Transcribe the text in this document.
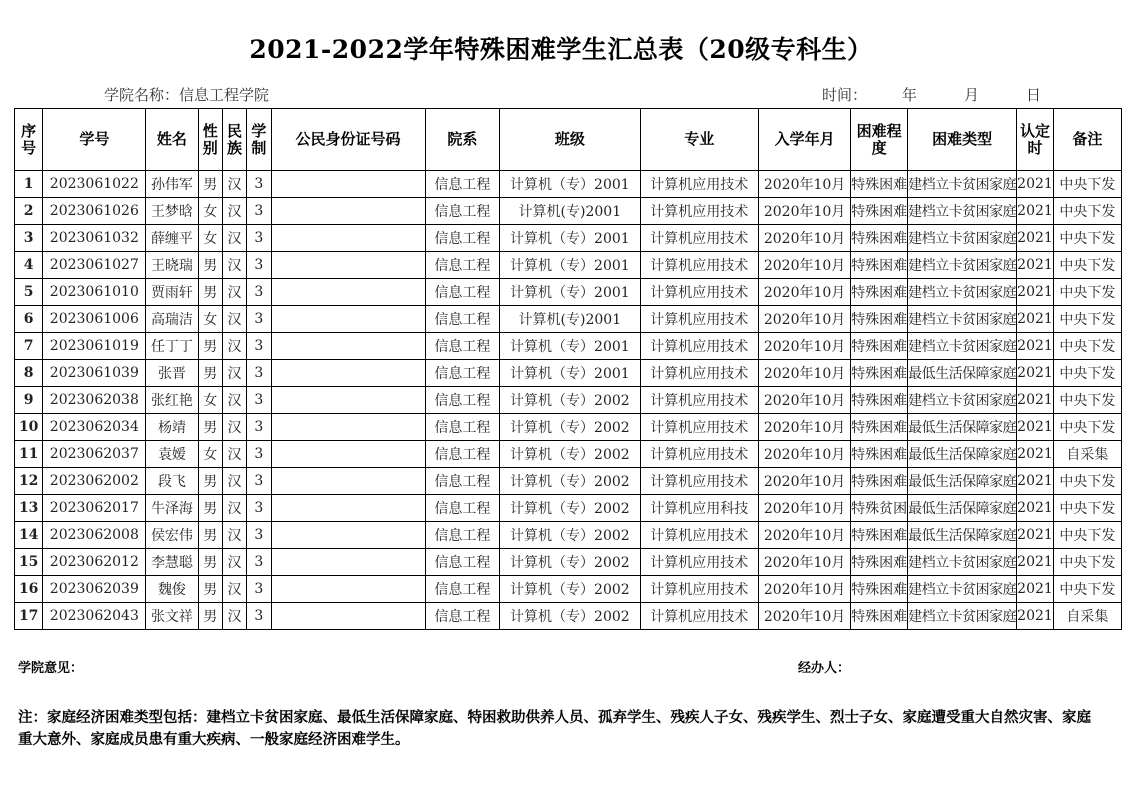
2021-2022学年特殊困难学生汇总表（20级专科生）
学院名称：信息工程学院	时间：	年	月	日
序号	学号	姓名	性别	民族	学制	公民身份证号码	院系	班级	专业	入学年月	困难程度	困难类型	认定时	备注
1	2023061022	孙伟军	男	汉	3		信息工程	计算机（专）2001	计算机应用技术	2020年10月	特殊困难	建档立卡贫困家庭	2021	中央下发
2	2023061026	王梦晗	女	汉	3		信息工程	计算机(专)2001	计算机应用技术	2020年10月	特殊困难	建档立卡贫困家庭	2021	中央下发
3	2023061032	薛缠平	女	汉	3		信息工程	计算机（专）2001	计算机应用技术	2020年10月	特殊困难	建档立卡贫困家庭	2021	中央下发
4	2023061027	王晓瑞	男	汉	3		信息工程	计算机（专）2001	计算机应用技术	2020年10月	特殊困难	建档立卡贫困家庭	2021	中央下发
5	2023061010	贾雨轩	男	汉	3		信息工程	计算机（专）2001	计算机应用技术	2020年10月	特殊困难	建档立卡贫困家庭	2021	中央下发
6	2023061006	高瑞洁	女	汉	3		信息工程	计算机(专)2001	计算机应用技术	2020年10月	特殊困难	建档立卡贫困家庭	2021	中央下发
7	2023061019	任丁丁	男	汉	3		信息工程	计算机（专）2001	计算机应用技术	2020年10月	特殊困难	建档立卡贫困家庭	2021	中央下发
8	2023061039	张晋	男	汉	3		信息工程	计算机（专）2001	计算机应用技术	2020年10月	特殊困难	最低生活保障家庭	2021	中央下发
9	2023062038	张红艳	女	汉	3		信息工程	计算机（专）2002	计算机应用技术	2020年10月	特殊困难	建档立卡贫困家庭	2021	中央下发
10	2023062034	杨靖	男	汉	3		信息工程	计算机（专）2002	计算机应用技术	2020年10月	特殊困难	最低生活保障家庭	2021	中央下发
11	2023062037	袁嫒	女	汉	3		信息工程	计算机（专）2002	计算机应用技术	2020年10月	特殊困难	最低生活保障家庭	2021	自采集
12	2023062002	段飞	男	汉	3		信息工程	计算机（专）2002	计算机应用技术	2020年10月	特殊困难	最低生活保障家庭	2021	中央下发
13	2023062017	牛泽海	男	汉	3		信息工程	计算机（专）2002	计算机应用科技	2020年10月	特殊贫困	最低生活保障家庭	2021	中央下发
14	2023062008	侯宏伟	男	汉	3		信息工程	计算机（专）2002	计算机应用技术	2020年10月	特殊困难	最低生活保障家庭	2021	中央下发
15	2023062012	李慧聪	男	汉	3		信息工程	计算机（专）2002	计算机应用技术	2020年10月	特殊困难	建档立卡贫困家庭	2021	中央下发
16	2023062039	魏俊	男	汉	3		信息工程	计算机（专）2002	计算机应用技术	2020年10月	特殊困难	建档立卡贫困家庭	2021	中央下发
17	2023062043	张文祥	男	汉	3		信息工程	计算机（专）2002	计算机应用技术	2020年10月	特殊困难	建档立卡贫困家庭	2021	自采集
学院意见：	经办人：
注：家庭经济困难类型包括：建档立卡贫困家庭、最低生活保障家庭、特困救助供养人员、孤弃学生、残疾人子女、残疾学生、烈士子女、家庭遭受重大自然灾害、家庭重大意外、家庭成员患有重大疾病、一般家庭经济困难学生。
